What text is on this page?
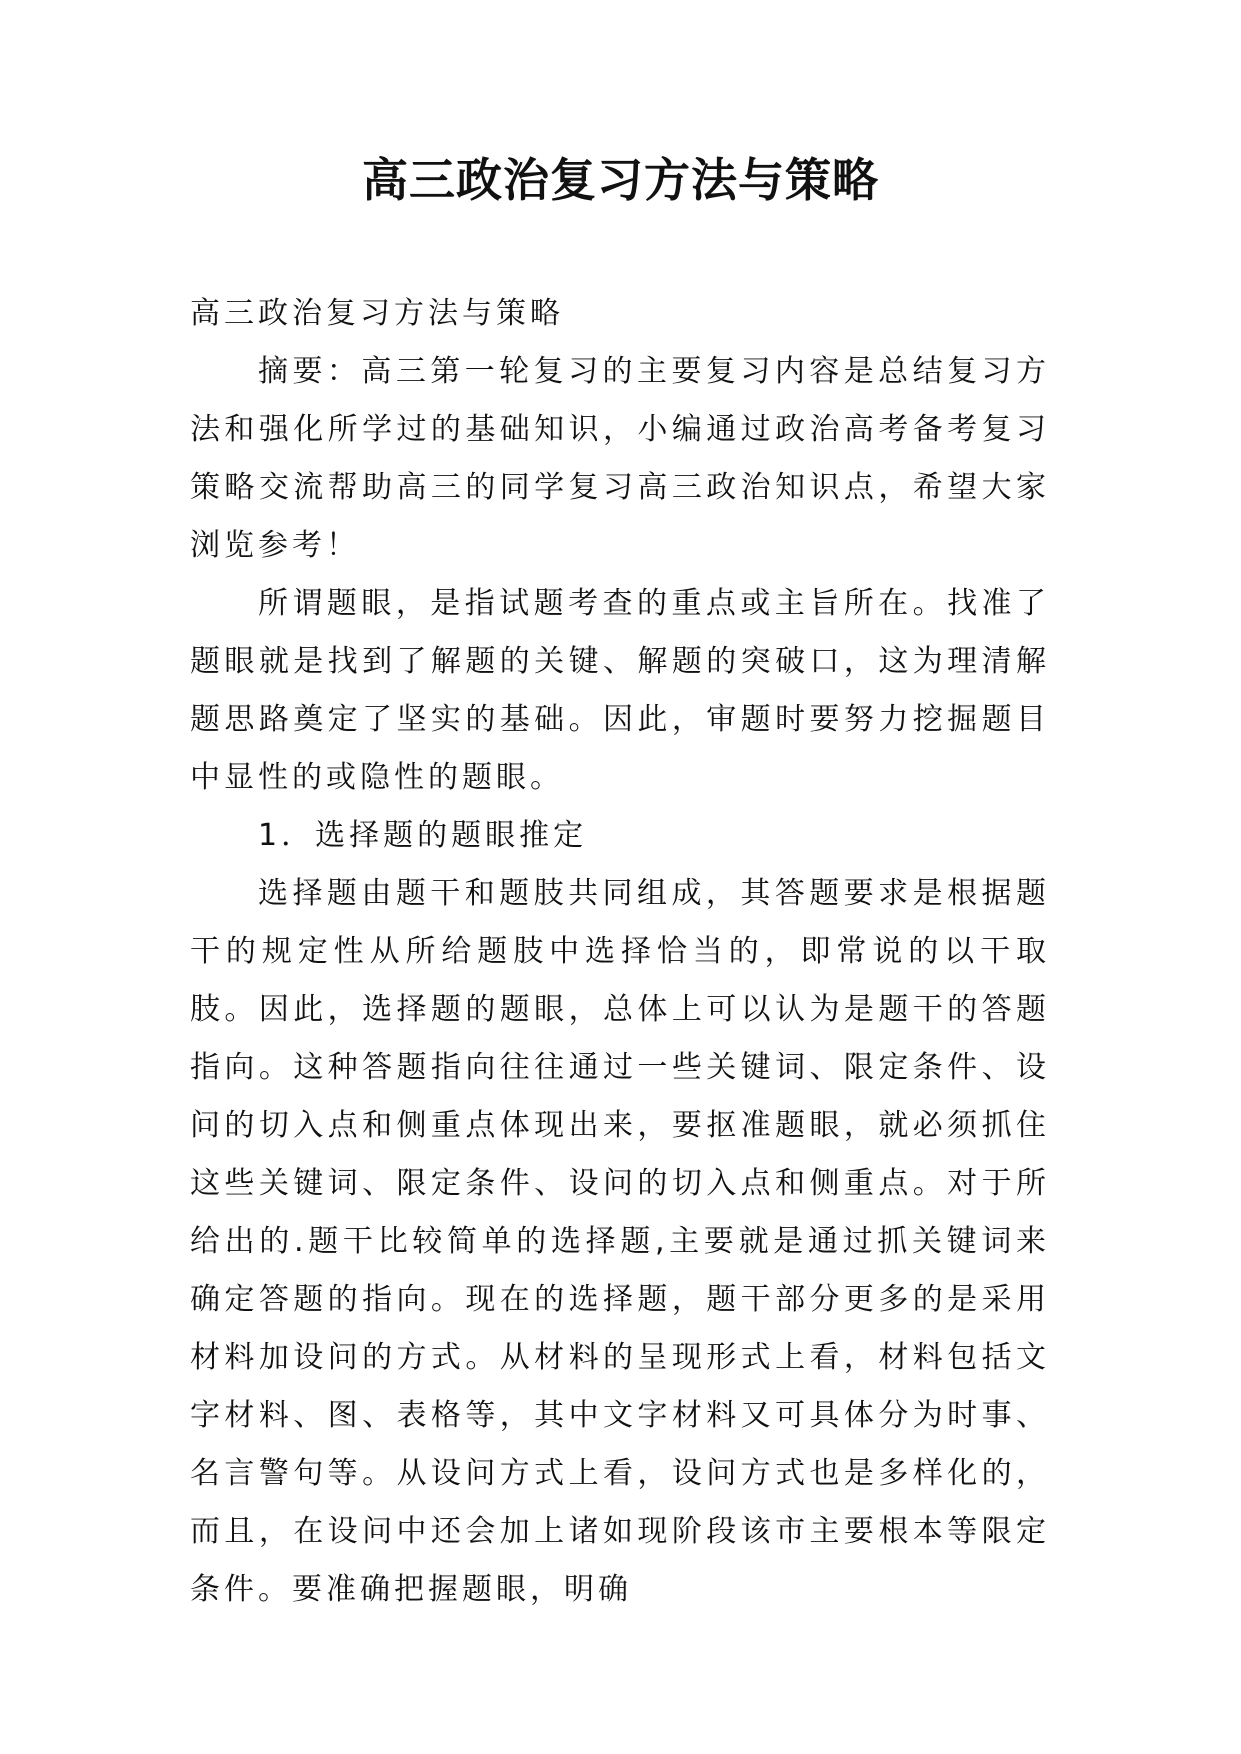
高三政治复习方法与策略

高三政治复习方法与策略

摘要：高三第一轮复习的主要复习内容是总结复习方法和强化所学过的基础知识，小编通过政治高考备考复习策略交流帮助高三的同学复习高三政治知识点，希望大家浏览参考！

所谓题眼，是指试题考查的重点或主旨所在。找准了题眼就是找到了解题的关键、解题的突破口，这为理清解题思路奠定了坚实的基础。因此，审题时要努力挖掘题目中显性的或隐性的题眼。

1．选择题的题眼推定

选择题由题干和题肢共同组成，其答题要求是根据题干的规定性从所给题肢中选择恰当的，即常说的以干取肢。因此，选择题的题眼，总体上可以认为是题干的答题指向。这种答题指向往往通过一些关键词、限定条件、设问的切入点和侧重点体现出来，要抠准题眼，就必须抓住这些关键词、限定条件、设问的切入点和侧重点。对于所给出的.题干比较简单的选择题,主要就是通过抓关键词来确定答题的指向。现在的选择题，题干部分更多的是采用材料加设问的方式。从材料的呈现形式上看，材料包括文字材料、图、表格等，其中文字材料又可具体分为时事、名言警句等。从设问方式上看，设问方式也是多样化的，而且，在设问中还会加上诸如现阶段该市主要根本等限定条件。要准确把握题眼，明确
